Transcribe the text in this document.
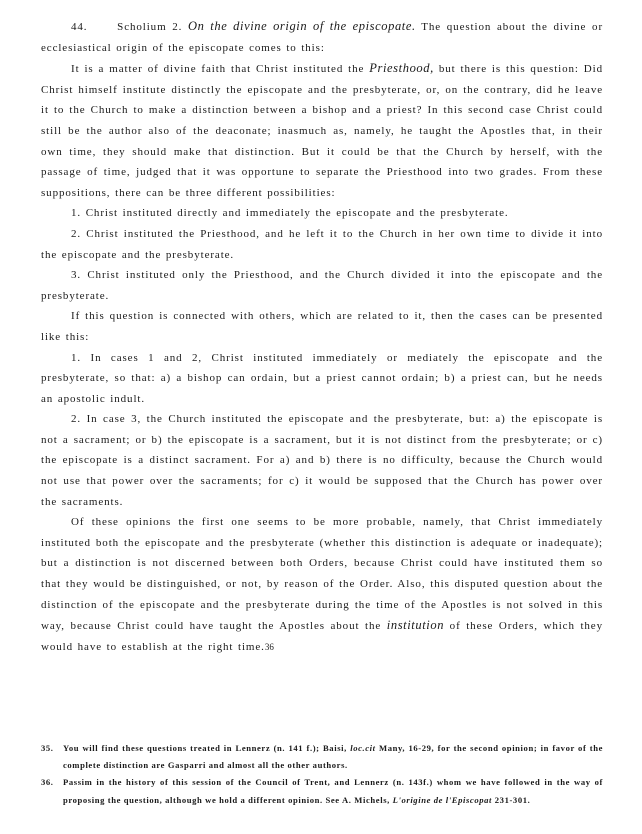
44.	Scholium 2. On the divine origin of the episcopate. The question about the divine or ecclesiastical origin of the episcopate comes to this:

It is a matter of divine faith that Christ instituted the Priesthood, but there is this question: Did Christ himself institute distinctly the episcopate and the presbyterate, or, on the contrary, did he leave it to the Church to make a distinction between a bishop and a priest? In this second case Christ could still be the author also of the deaconate; inasmuch as, namely, he taught the Apostles that, in their own time, they should make that distinction. But it could be that the Church by herself, with the passage of time, judged that it was opportune to separate the Priesthood into two grades. From these suppositions, there can be three different possibilities:

1. Christ instituted directly and immediately the episcopate and the presbyterate.

2. Christ instituted the Priesthood, and he left it to the Church in her own time to divide it into the episcopate and the presbyterate.

3. Christ instituted only the Priesthood, and the Church divided it into the episcopate and the presbyterate.

If this question is connected with others, which are related to it, then the cases can be presented like this:

1. In cases 1 and 2, Christ instituted immediately or mediately the episcopate and the presbyterate, so that: a) a bishop can ordain, but a priest cannot ordain; b) a priest can, but he needs an apostolic indult.

2. In case 3, the Church instituted the episcopate and the presbyterate, but: a) the episcopate is not a sacrament; or b) the episcopate is a sacrament, but it is not distinct from the presbyterate; or c) the episcopate is a distinct sacrament. For a) and b) there is no difficulty, because the Church would not use that power over the sacraments; for c) it would be supposed that the Church has power over the sacraments.

Of these opinions the first one seems to be more probable, namely, that Christ immediately instituted both the episcopate and the presbyterate (whether this distinction is adequate or inadequate); but a distinction is not discerned between both Orders, because Christ could have instituted them so that they would be distinguished, or not, by reason of the Order. Also, this disputed question about the distinction of the episcopate and the presbyterate during the time of the Apostles is not solved in this way, because Christ could have taught the Apostles about the institution of these Orders, which they would have to establish at the right time.36

35. You will find these questions treated in Lennerz (n. 141 f.); Baisi, loc.cit Many, 16-29, for the second opinion; in favor of the complete distinction are Gasparri and almost all the other authors.

36. Passim in the history of this session of the Council of Trent, and Lennerz (n. 143f.) whom we have followed in the way of proposing the question, although we hold a different opinion. See A. Michels, L'origine de l'Episcopat 231-301.
